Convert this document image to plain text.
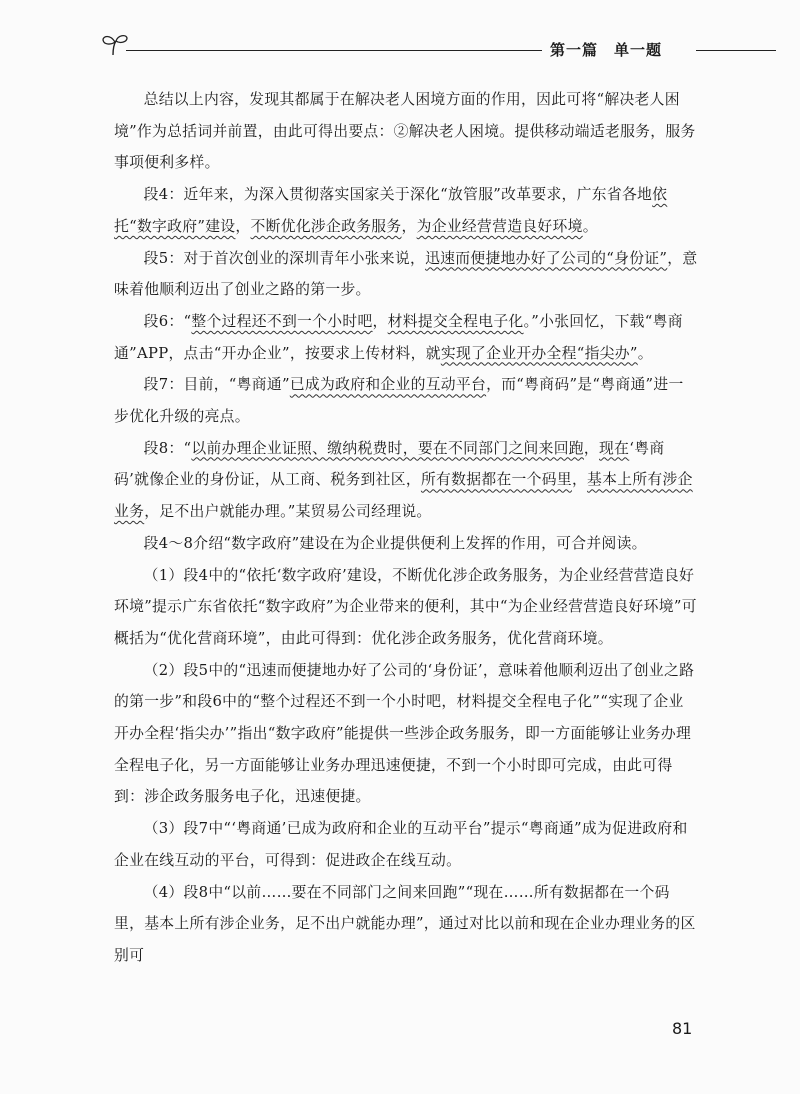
第一篇　单一题

总结以上内容，发现其都属于在解决老人困境方面的作用，因此可将“解决老人困境”作为总括词并前置，由此可得出要点：②解决老人困境。提供移动端适老服务，服务事项便利多样。

段4：近年来，为深入贯彻落实国家关于深化“放管服”改革要求，广东省各地依托“数字政府”建设，不断优化涉企政务服务，为企业经营营造良好环境。

段5：对于首次创业的深圳青年小张来说，迅速而便捷地办好了公司的“身份证”，意味着他顺利迈出了创业之路的第一步。

段6：“整个过程还不到一个小时吧，材料提交全程电子化。”小张回忆，下载“粤商通”APP，点击“开办企业”，按要求上传材料，就实现了企业开办全程“指尖办”。

段7：目前，“粤商通”已成为政府和企业的互动平台，而“粤商码”是“粤商通”进一步优化升级的亮点。

段8：“以前办理企业证照、缴纳税费时，要在不同部门之间来回跑，现在‘粤商码’就像企业的身份证，从工商、税务到社区，所有数据都在一个码里，基本上所有涉企业务，足不出户就能办理。”某贸易公司经理说。

段4～8介绍“数字政府”建设在为企业提供便利上发挥的作用，可合并阅读。

（1）段4中的“依托‘数字政府’建设，不断优化涉企政务服务，为企业经营营造良好环境”提示广东省依托“数字政府”为企业带来的便利，其中“为企业经营营造良好环境”可概括为“优化营商环境”，由此可得到：优化涉企政务服务，优化营商环境。

（2）段5中的“迅速而便捷地办好了公司的‘身份证’，意味着他顺利迈出了创业之路的第一步”和段6中的“整个过程还不到一个小时吧，材料提交全程电子化”“实现了企业开办全程‘指尖办’”指出“数字政府”能提供一些涉企政务服务，即一方面能够让业务办理全程电子化，另一方面能够让业务办理迅速便捷，不到一个小时即可完成，由此可得到：涉企政务服务电子化，迅速便捷。

（3）段7中“‘粤商通’已成为政府和企业的互动平台”提示“粤商通”成为促进政府和企业在线互动的平台，可得到：促进政企在线互动。

（4）段8中“以前……要在不同部门之间来回跑”“现在……所有数据都在一个码里，基本上所有涉企业务，足不出户就能办理”，通过对比以前和现在企业办理业务的区别可

81
